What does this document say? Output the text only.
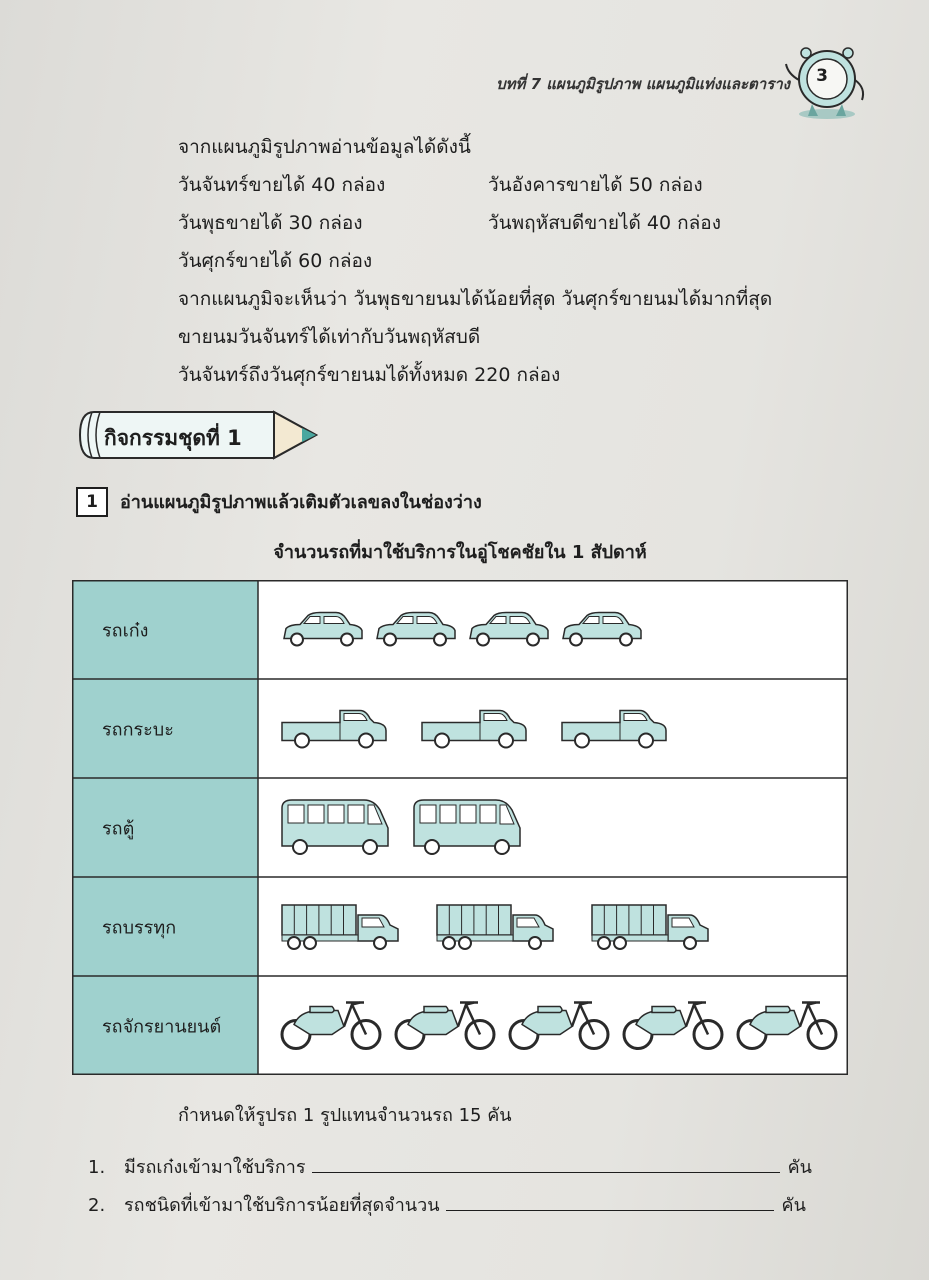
บทที่ 7 แผนภูมิรูปภาพ แผนภูมิแท่งและตาราง	3
จากแผนภูมิรูปภาพอ่านข้อมูลได้ดังนี้
วันจันทร์ขายได้ 40 กล่อง	วันอังคารขายได้ 50 กล่อง
วันพุธขายได้ 30 กล่อง	วันพฤหัสบดีขายได้ 40 กล่อง
วันศุกร์ขายได้ 60 กล่อง
จากแผนภูมิจะเห็นว่า วันพุธขายนมได้น้อยที่สุด วันศุกร์ขายนมได้มากที่สุด
ขายนมวันจันทร์ได้เท่ากับวันพฤหัสบดี
วันจันทร์ถึงวันศุกร์ขายนมได้ทั้งหมด 220 กล่อง
กิจกรรมชุดที่ 1
1	อ่านแผนภูมิรูปภาพแล้วเติมตัวเลขลงในช่องว่าง
จำนวนรถที่มาใช้บริการในอู่โชคชัยใน 1 สัปดาห์
รถเก๋ง
รถกระบะ
รถตู้
รถบรรทุก
รถจักรยานยนต์
กำหนดให้รูปรถ 1 รูปแทนจำนวนรถ 15 คัน
1. มีรถเก๋งเข้ามาใช้บริการ	คัน
2. รถชนิดที่เข้ามาใช้บริการน้อยที่สุดจำนวน	คัน
